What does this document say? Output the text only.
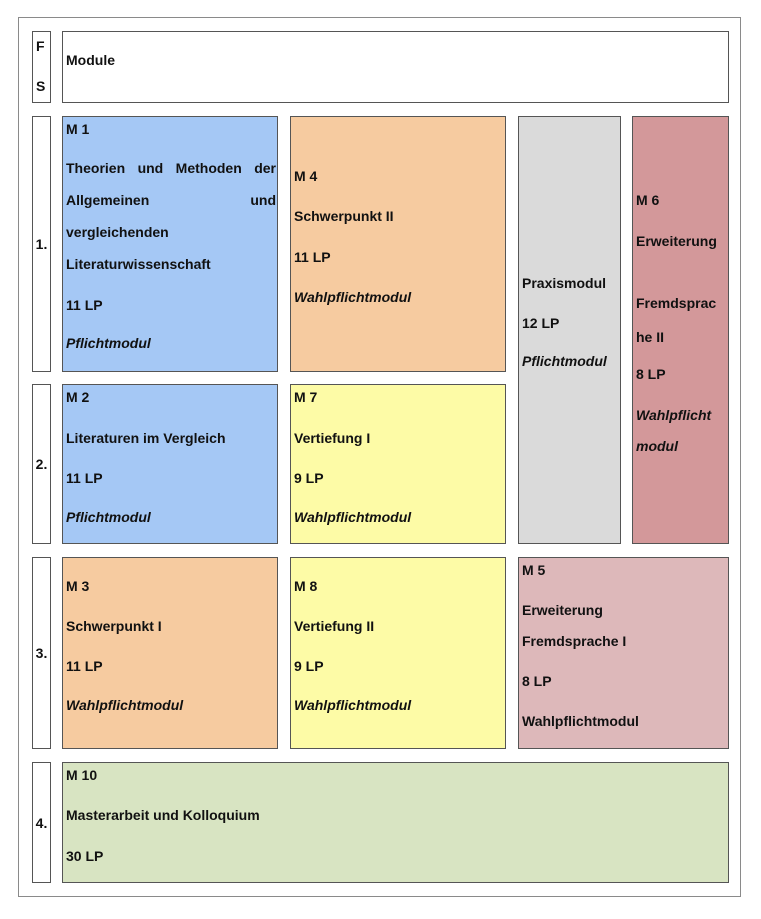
F
S
Module
1.
2.
3.
4.
M 1
Theorien und Methoden der
Allgemeinen	und
vergleichenden
Literaturwissenschaft
11 LP
Pflichtmodul
M 4
Schwerpunkt II
11 LP
Wahlpflichtmodul
Praxismodul
12 LP
Pflichtmodul
M 6
Erweiterung
Fremdsprac
he II
8 LP
Wahlpflicht
modul
M 2
Literaturen im Vergleich
11 LP
Pflichtmodul
M 7
Vertiefung I
9 LP
Wahlpflichtmodul
M 3
Schwerpunkt I
11 LP
Wahlpflichtmodul
M 8
Vertiefung II
9 LP
Wahlpflichtmodul
M 5
Erweiterung
Fremdsprache I
8 LP
Wahlpflichtmodul
M 10
Masterarbeit und Kolloquium
30 LP
